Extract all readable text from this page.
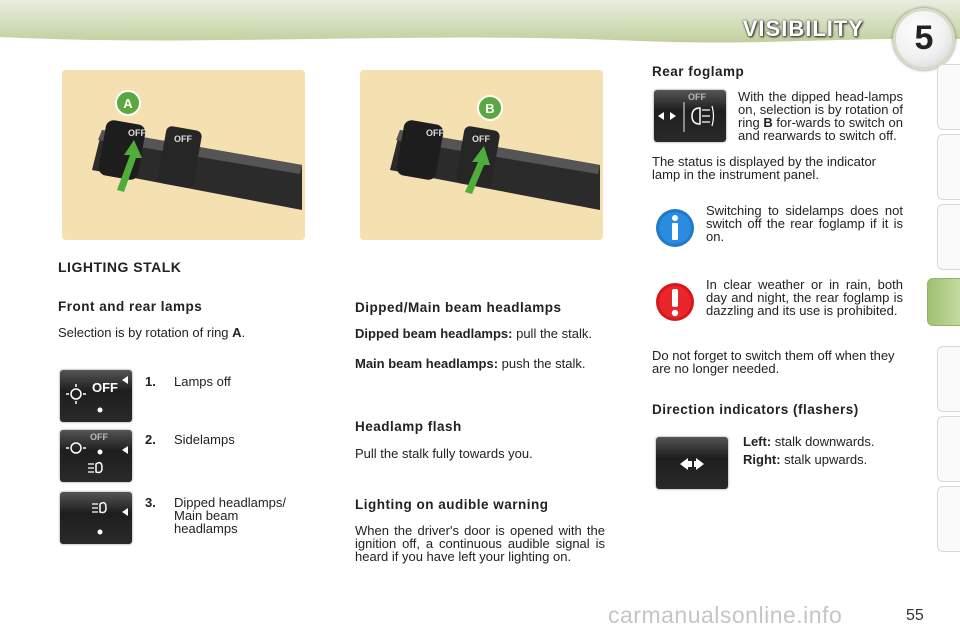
VISIBILITY	5
OFF
OFF
A
OFF
OFF
B
LIGHTING STALK
Front and rear lamps
Selection is by rotation of ring A.
OFF 1. Lamps off
OFF	2. Sidelamps
3. Dipped headlamps/
Main beam
headlamps
Dipped/Main beam headlamps
Dipped beam headlamps: pull the stalk.
Main beam headlamps: push the stalk.
Headlamp flash
Pull the stalk fully towards you.
Lighting on audible warning
When the driver's door is opened with the ignition off, a continuous audible signal is heard if you have left your lighting on.
Rear foglamp
OFF With the dipped head-lamps on, selection is by rotation of ring B for-wards to switch on and rearwards to switch off.
The status is displayed by the indicator lamp in the instrument panel.
Switching to sidelamps does not switch off the rear foglamp if it is on.
In clear weather or in rain, both day and night, the rear foglamp is dazzling and its use is prohibited.
Do not forget to switch them off when they are no longer needed.
Direction indicators (flashers)
Left: stalk downwards.
Right: stalk upwards.
carmanualsonline.info	55
